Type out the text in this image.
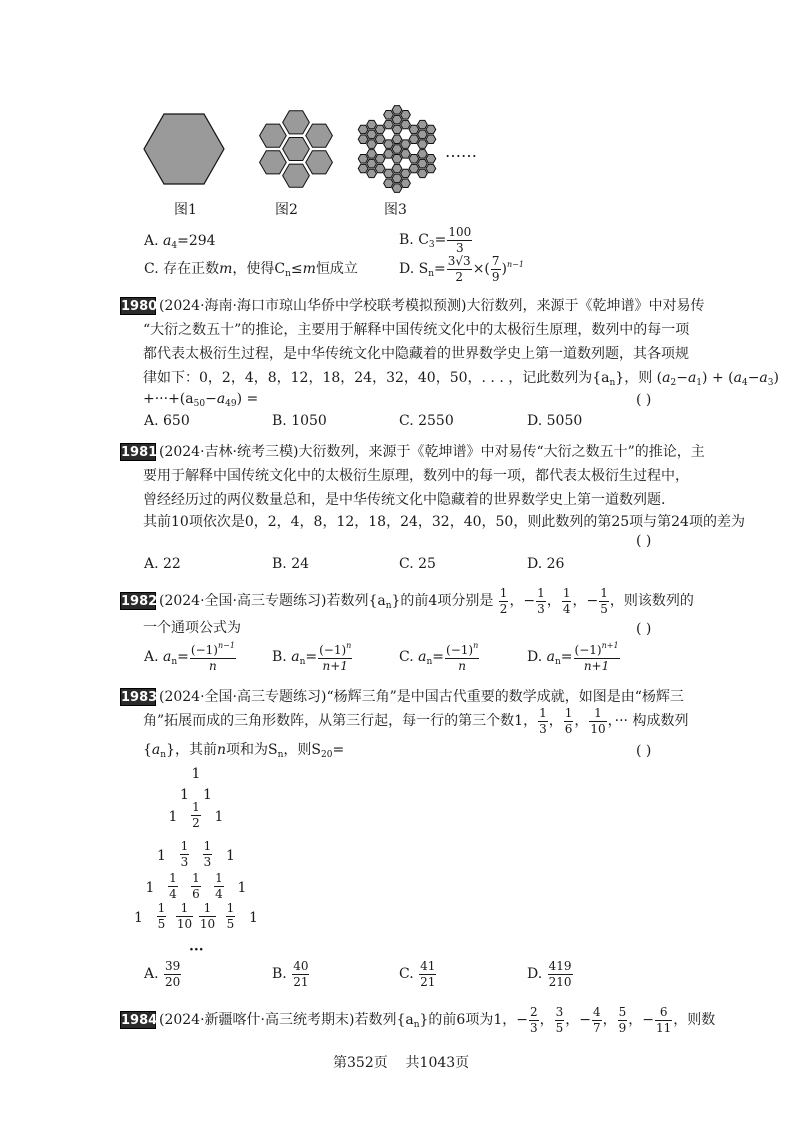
……
图1	图2	图3
A. $a_4=294$	B. $C_3= \frac{100}{3}$
C. 存在正数m，使得$C_n\le m$恒成立	D. $S_n= \frac{3√3}{2}$ ×( $\frac{7}{9} )^{n-1}$
1980 (2024·海南·海口市琼山华侨中学校联考模拟预测)大衍数列，来源于《乾坤谱》中对易传
“大衍之数五十”的推论，主要用于解释中国传统文化中的太极衍生原理，数列中的每一项
都代表太极衍生过程，是中华传统文化中隐藏着的世界数学史上第一道数列题，其各项规
律如下：0，2，4，8，12，18，24，32，40，50，. . . ，记此数列为$\{a_n\}$，则 $(a_2-a_1) + (a_4-a_3)$
$+\cdot\cdot\cdot+(a_{50}-a_{49})$ =	( )
A. 650	B. 1050	C. 2550	D. 5050
1981 (2024·吉林·统考三模)大衍数列，来源于《乾坤谱》中对易传“大衍之数五十”的推论，主
要用于解释中国传统文化中的太极衍生原理，数列中的每一项，都代表太极衍生过程中，
曾经经历过的两仪数量总和，是中华传统文化中隐藏着的世界数学史上第一道数列题.
其前10项依次是0，2，4，8，12，18，24，32，40，50，则此数列的第25项与第24项的差为
( )
A. 22	B. 24	C. 25	D. 26
1982 (2024·全国·高三专题练习)若数列$\{a_n\}$的前4项分别是 $\frac{1}{2}$ ，− $\frac{1}{3}$ ， $\frac{1}{4}$ ，− $\frac{1}{5}$ ，则该数列的
一个通项公式为	( )
A. $a_n= \frac{(-1)^{n-1}}{n}$	B. $a_n= \frac{(-1)^n}{n+1}$	C. $a_n= \frac{(-1)^n}{n}$	D. $a_n= \frac{(-1)^{n+1}}{n+1}$
1983 (2024·全国·高三专题练习)“杨辉三角”是中国古代重要的数学成就，如图是由“杨辉三
角”拓展而成的三角形数阵，从第三行起，每一行的第三个数1， $\frac{1}{3}$ ， $\frac{1}{6}$ ， $\frac{1}{10}$ ，··· 构成数列
$\{a_n\}$，其前n项和为$S_n$，则$S_{20}=$	( )
1
1	1
1	$\frac{1}{2} 1$
1	$\frac{1}{3} \frac{1}{3} 1$
1	$\frac{1}{4} \frac{1}{6} \frac{1}{4} 1$
1	$\frac{1}{5} \frac{1}{10} \frac{1}{10} \frac{1}{5} 1$
···
A. $\frac{39}{20}$	B. $\frac{40}{21}$	C. $\frac{41}{21}$	D. $\frac{419}{210}$
1984 (2024·新疆喀什·高三统考期末)若数列$\{a_n\}$的前6项为1，− $\frac{2}{3}$ ， $\frac{3}{5}$ ，− $\frac{4}{7}$ ， $\frac{5}{9}$ ，− $\frac{6}{11}$ ，则数
第352页 共1043页
